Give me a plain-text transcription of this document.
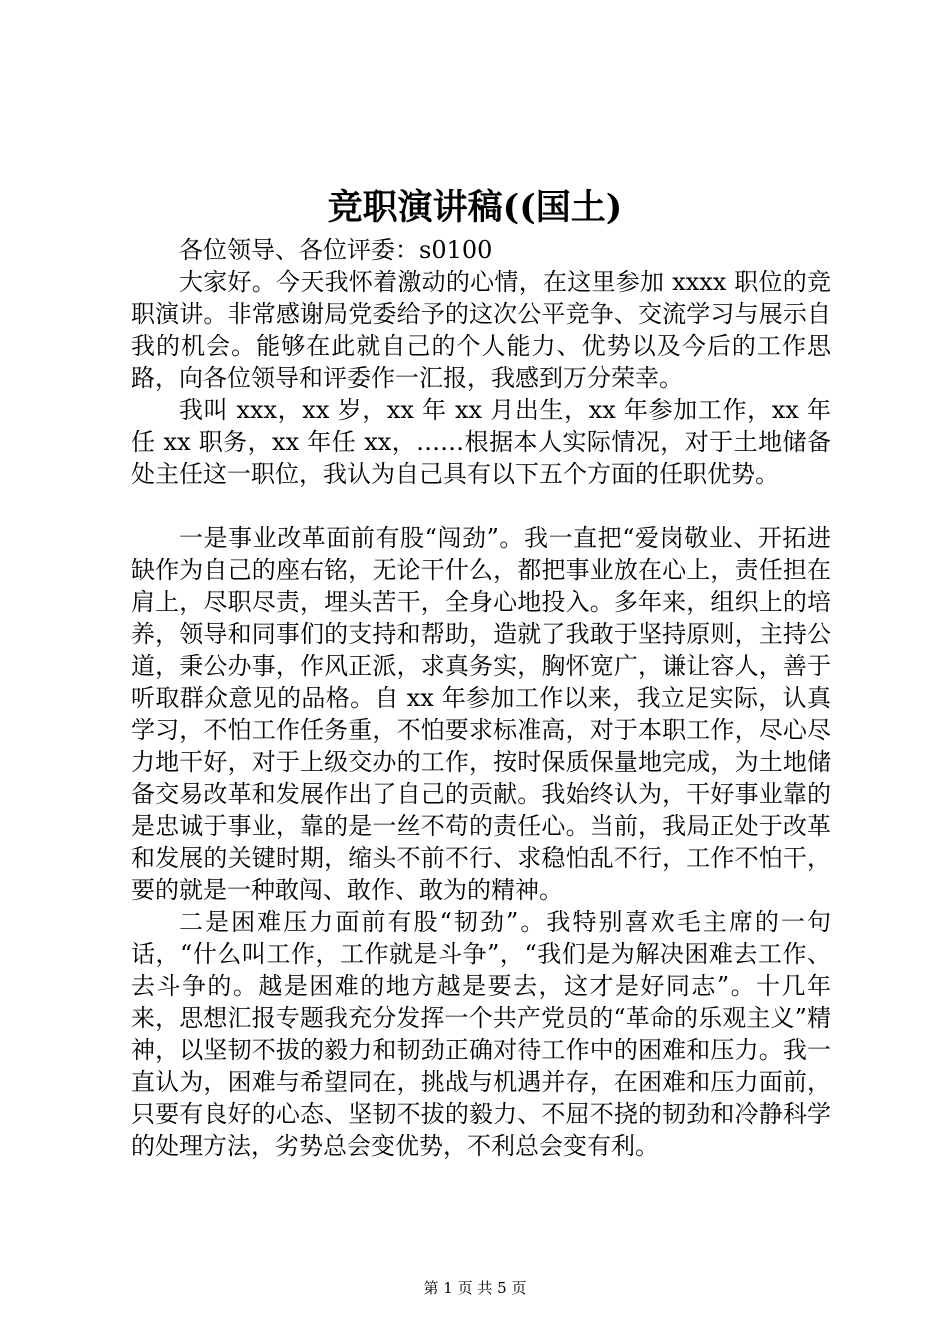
竞职演讲稿((国土)

各位领导、各位评委：s0100

大家好。今天我怀着激动的心情，在这里参加 xxxx 职位的竞职演讲。非常感谢局党委给予的这次公平竞争、交流学习与展示自我的机会。能够在此就自己的个人能力、优势以及今后的工作思路，向各位领导和评委作一汇报，我感到万分荣幸。

我叫 xxx，xx 岁，xx 年 xx 月出生，xx 年参加工作，xx 年任 xx 职务，xx 年任 xx，……根据本人实际情况，对于土地储备处主任这一职位，我认为自己具有以下五个方面的任职优势。

一是事业改革面前有股“闯劲”。我一直把“爱岗敬业、开拓进缺作为自己的座右铭，无论干什么，都把事业放在心上，责任担在肩上，尽职尽责，埋头苦干，全身心地投入。多年来，组织上的培养，领导和同事们的支持和帮助，造就了我敢于坚持原则，主持公道，秉公办事，作风正派，求真务实，胸怀宽广，谦让容人，善于听取群众意见的品格。自 xx 年参加工作以来，我立足实际，认真学习，不怕工作任务重，不怕要求标准高，对于本职工作，尽心尽力地干好，对于上级交办的工作，按时保质保量地完成，为土地储备交易改革和发展作出了自己的贡献。我始终认为，干好事业靠的是忠诚于事业，靠的是一丝不苟的责任心。当前，我局正处于改革和发展的关键时期，缩头不前不行、求稳怕乱不行，工作不怕干，要的就是一种敢闯、敢作、敢为的精神。

二是困难压力面前有股“韧劲”。我特别喜欢毛主席的一句话，“什么叫工作，工作就是斗争”，“我们是为解决困难去工作、去斗争的。越是困难的地方越是要去，这才是好同志”。十几年来，思想汇报专题我充分发挥一个共产党员的“革命的乐观主义”精神，以坚韧不拔的毅力和韧劲正确对待工作中的困难和压力。我一直认为，困难与希望同在，挑战与机遇并存，在困难和压力面前，只要有良好的心态、坚韧不拔的毅力、不屈不挠的韧劲和冷静科学的处理方法，劣势总会变优势，不利总会变有利。

第 1 页 共 5 页
